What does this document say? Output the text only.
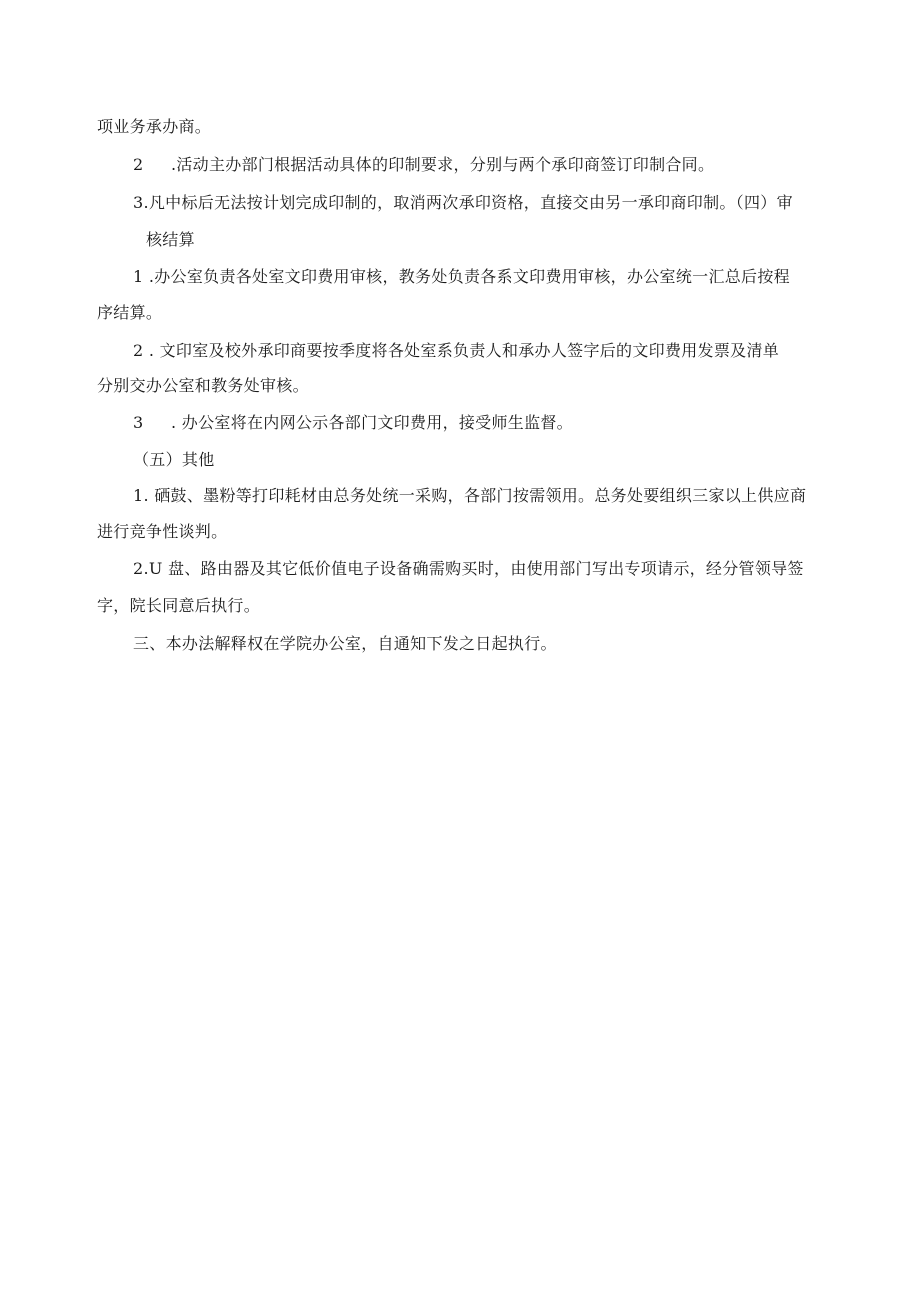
项业务承办商。
2 .活动主办部门根据活动具体的印制要求，分别与两个承印商签订印制合同。
3.凡中标后无法按计划完成印制的，取消两次承印资格，直接交由另一承印商印制。（四）审
核结算
1 .办公室负责各处室文印费用审核，教务处负责各系文印费用审核，办公室统一汇总后按程
序结算。
2 . 文印室及校外承印商要按季度将各处室系负责人和承办人签字后的文印费用发票及清单
分别交办公室和教务处审核。
3 . 办公室将在内网公示各部门文印费用，接受师生监督。
（五）其他
1. 硒鼓、墨粉等打印耗材由总务处统一采购，各部门按需领用。总务处要组织三家以上供应商
进行竞争性谈判。
2.U 盘、路由器及其它低价值电子设备确需购买时，由使用部门写出专项请示，经分管领导签
字，院长同意后执行。
三、本办法解释权在学院办公室，自通知下发之日起执行。
